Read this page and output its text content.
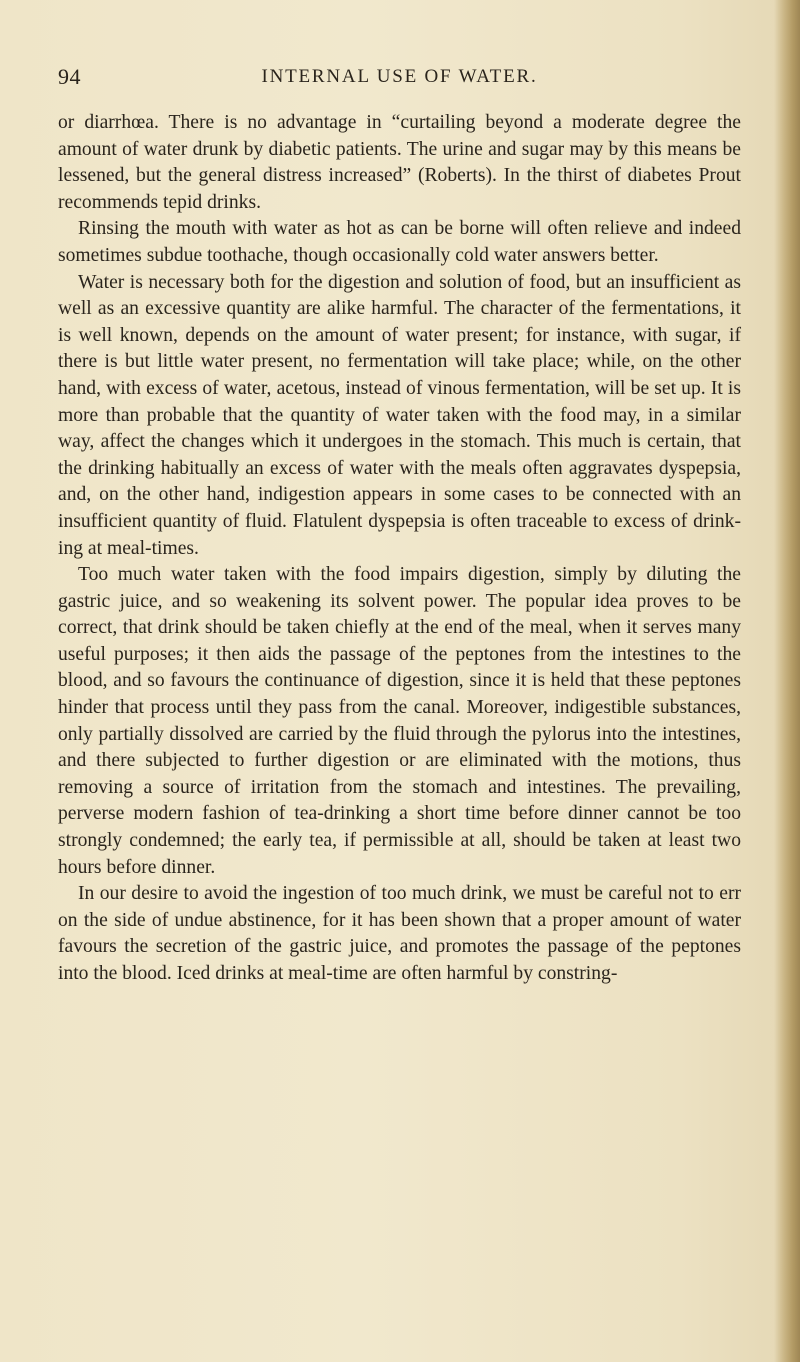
94	INTERNAL USE OF WATER.

or diarrhœa. There is no advantage in “curtailing beyond a moderate degree the amount of water drunk by diabetic patients. The urine and sugar may by this means be lessened, but the general distress increased” (Roberts). In the thirst of diabetes Prout recommends tepid drinks.

Rinsing the mouth with water as hot as can be borne will often relieve and indeed sometimes subdue toothache, though occasionally cold water answers better.

Water is necessary both for the digestion and solution of food, but an insufficient as well as an excessive quantity are alike harmful. The character of the fermentations, it is well known, depends on the amount of water present; for instance, with sugar, if there is but little water present, no fermentation will take place; while, on the other hand, with excess of water, acetous, instead of vinous fermentation, will be set up. It is more than probable that the quantity of water taken with the food may, in a similar way, affect the changes which it undergoes in the stomach. This much is certain, that the drinking habitually an excess of water with the meals often aggravates dyspepsia, and, on the other hand, indigestion appears in some cases to be connected with an insufficient quantity of fluid. Flatulent dyspepsia is often traceable to excess of drinking at meal-times.

Too much water taken with the food impairs digestion, simply by diluting the gastric juice, and so weakening its solvent power. The popular idea proves to be correct, that drink should be taken chiefly at the end of the meal, when it serves many useful purposes; it then aids the passage of the peptones from the intestines to the blood, and so favours the continuance of digestion, since it is held that these peptones hinder that process until they pass from the canal. Moreover, indigestible substances, only partially dissolved are carried by the fluid through the pylorus into the intestines, and there subjected to further digestion or are eliminated with the motions, thus removing a source of irritation from the stomach and intestines. The prevailing, perverse modern fashion of tea-drinking a short time before dinner cannot be too strongly condemned; the early tea, if permissible at all, should be taken at least two hours before dinner.

In our desire to avoid the ingestion of too much drink, we must be careful not to err on the side of undue abstinence, for it has been shown that a proper amount of water favours the secretion of the gastric juice, and promotes the passage of the peptones into the blood. Iced drinks at meal-time are often harmful by constring-
